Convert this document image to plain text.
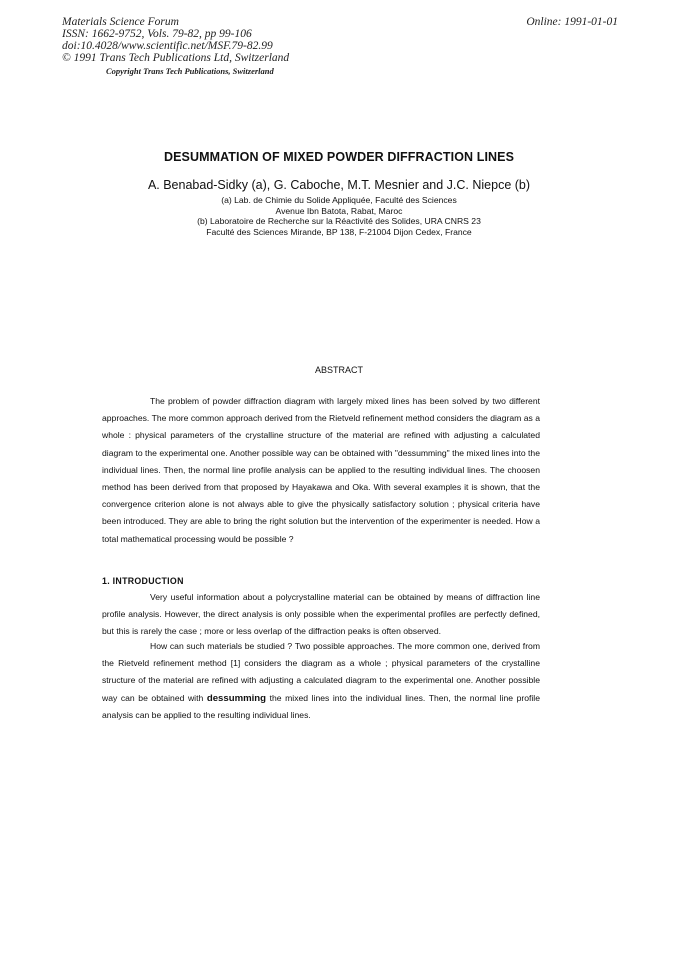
Materials Science Forum
ISSN: 1662-9752, Vols. 79-82, pp 99-106
doi:10.4028/www.scientific.net/MSF.79-82.99
© 1991 Trans Tech Publications Ltd, Switzerland
Online: 1991-01-01
Copyright Trans Tech Publications, Switzerland
DESUMMATION OF MIXED POWDER DIFFRACTION LINES
A. Benabad-Sidky (a), G. Caboche, M.T. Mesnier and J.C. Niepce (b)
(a) Lab. de Chimie du Solide Appliquée, Faculté des Sciences
Avenue Ibn Batota, Rabat, Maroc
(b) Laboratoire de Recherche sur la Réactivité des Solides, URA CNRS 23
Faculté des Sciences Mirande, BP 138, F-21004 Dijon Cedex, France
ABSTRACT
The problem of powder diffraction diagram with largely mixed lines has been solved by two different approaches. The more common approach derived from the Rietveld refinement method considers the diagram as a whole : physical parameters of the crystalline structure of the material are refined with adjusting a calculated diagram to the experimental one. Another possible way can be obtained with "dessumming" the mixed lines into the individual lines. Then, the normal line profile analysis can be applied to the resulting individual lines. The choosen method has been derived from that proposed by Hayakawa and Oka. With several examples it is shown, that the convergence criterion alone is not always able to give the physically satisfactory solution ; physical criteria have been introduced. They are able to bring the right solution but the intervention of the experimenter is needed. How a total mathematical processing would be possible ?
1. INTRODUCTION
Very useful information about a polycrystalline material can be obtained by means of diffraction line profile analysis. However, the direct analysis is only possible when the experimental profiles are perfectly defined, but this is rarely the case ; more or less overlap of the diffraction peaks is often observed.
How can such materials be studied ? Two possible approaches. The more common one, derived from the Rietveld refinement method [1] considers the diagram as a whole ; physical parameters of the crystalline structure of the material are refined with adjusting a calculated diagram to the experimental one. Another possible way can be obtained with dessumming the mixed lines into the individual lines. Then, the normal line profile analysis can be applied to the resulting individual lines.
